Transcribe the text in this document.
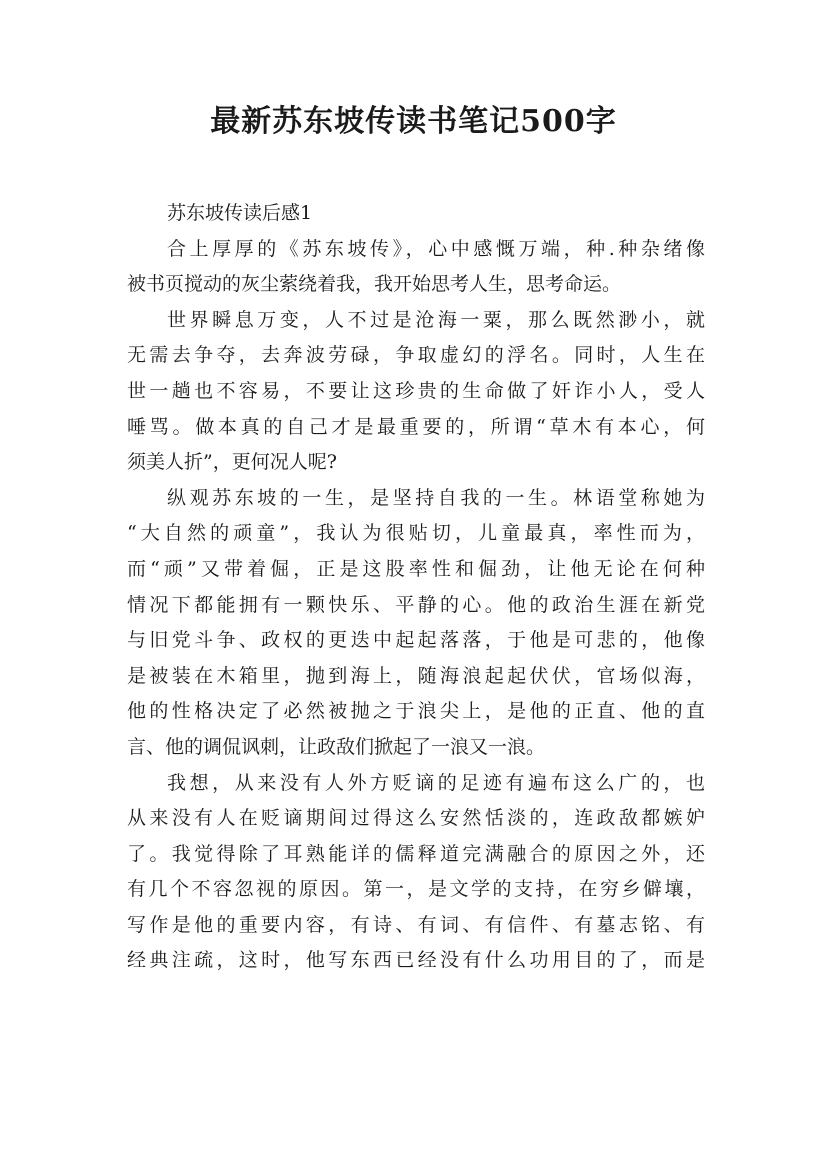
最新苏东坡传读书笔记500字
苏东坡传读后感1
合上厚厚的《苏东坡传》，心中感慨万端，种.种杂绪像
被书页搅动的灰尘萦绕着我，我开始思考人生，思考命运。
世界瞬息万变，人不过是沧海一粟，那么既然渺小，就
无需去争夺，去奔波劳碌，争取虚幻的浮名。同时，人生在
世一趟也不容易，不要让这珍贵的生命做了奸诈小人，受人
唾骂。做本真的自己才是最重要的，所谓“草木有本心，何
须美人折”，更何况人呢?
纵观苏东坡的一生，是坚持自我的一生。林语堂称她为
“大自然的顽童”，我认为很贴切，儿童最真，率性而为，
而“顽”又带着倔，正是这股率性和倔劲，让他无论在何种
情况下都能拥有一颗快乐、平静的心。他的政治生涯在新党
与旧党斗争、政权的更迭中起起落落，于他是可悲的，他像
是被装在木箱里，抛到海上，随海浪起起伏伏，官场似海，
他的性格决定了必然被抛之于浪尖上，是他的正直、他的直
言、他的调侃讽刺，让政敌们掀起了一浪又一浪。
我想，从来没有人外方贬谪的足迹有遍布这么广的，也
从来没有人在贬谪期间过得这么安然恬淡的，连政敌都嫉妒
了。我觉得除了耳熟能详的儒释道完满融合的原因之外，还
有几个不容忽视的原因。第一，是文学的支持，在穷乡僻壤，
写作是他的重要内容，有诗、有词、有信件、有墓志铭、有
经典注疏，这时，他写东西已经没有什么功用目的了，而是
